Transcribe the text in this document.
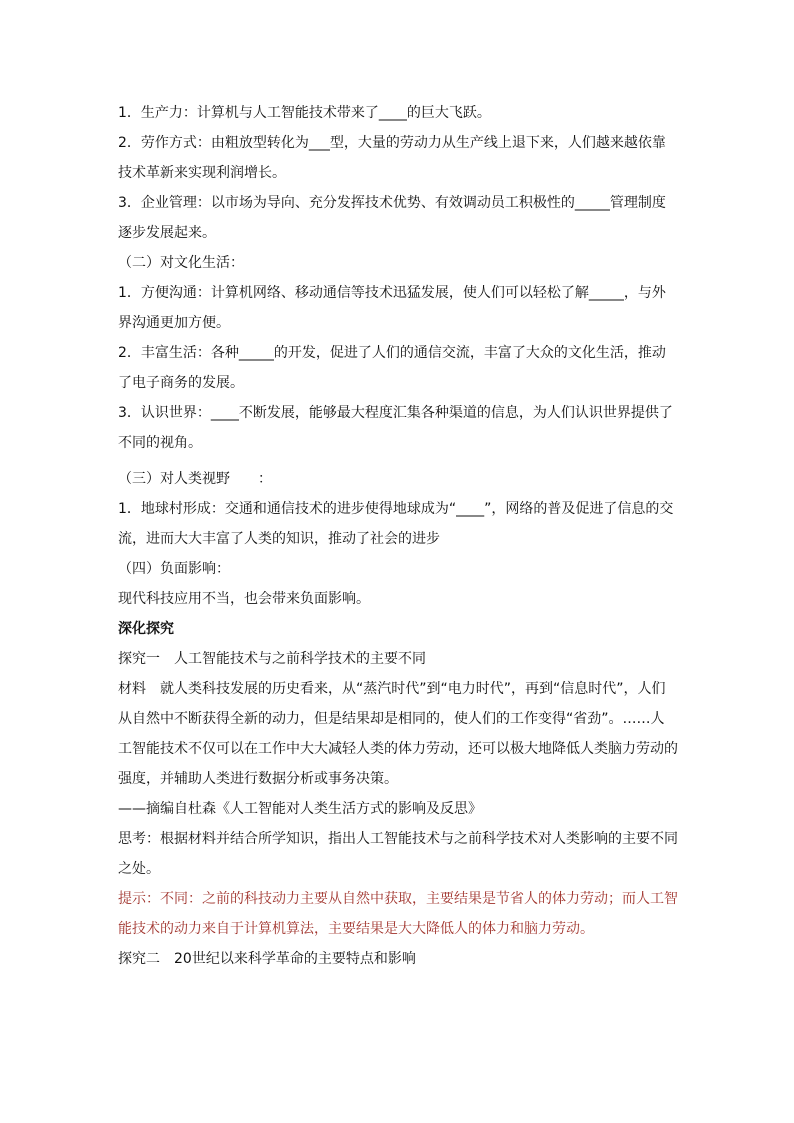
1．生产力：计算机与人工智能技术带来了____的巨大飞跃。

2．劳作方式：由粗放型转化为___型，大量的劳动力从生产线上退下来，人们越来越依靠技术革新来实现利润增长。

3．企业管理：以市场为导向、充分发挥技术优势、有效调动员工积极性的_____管理制度逐步发展起来。

（二）对文化生活：

1．方便沟通：计算机网络、移动通信等技术迅猛发展，使人们可以轻松了解_____，与外界沟通更加方便。

2．丰富生活：各种_____的开发，促进了人们的通信交流，丰富了大众的文化生活，推动了电子商务的发展。

3．认识世界：____不断发展，能够最大程度汇集各种渠道的信息，为人们认识世界提供了不同的视角。

（三）对人类视野　　：

1．地球村形成：交通和通信技术的进步使得地球成为“____”，网络的普及促进了信息的交流，进而大大丰富了人类的知识，推动了社会的进步

（四）负面影响：

现代科技应用不当，也会带来负面影响。

深化探究

探究一　人工智能技术与之前科学技术的主要不同

材料　就人类科技发展的历史看来，从“蒸汽时代”到“电力时代”，再到“信息时代”，人们从自然中不断获得全新的动力，但是结果却是相同的，使人们的工作变得“省劲”。……人工智能技术不仅可以在工作中大大减轻人类的体力劳动，还可以极大地降低人类脑力劳动的强度，并辅助人类进行数据分析或事务决策。

——摘编自杜森《人工智能对人类生活方式的影响及反思》

思考：根据材料并结合所学知识，指出人工智能技术与之前科学技术对人类影响的主要不同之处。

提示：不同：之前的科技动力主要从自然中获取，主要结果是节省人的体力劳动；而人工智能技术的动力来自于计算机算法，主要结果是大大降低人的体力和脑力劳动。

探究二　20世纪以来科学革命的主要特点和影响
